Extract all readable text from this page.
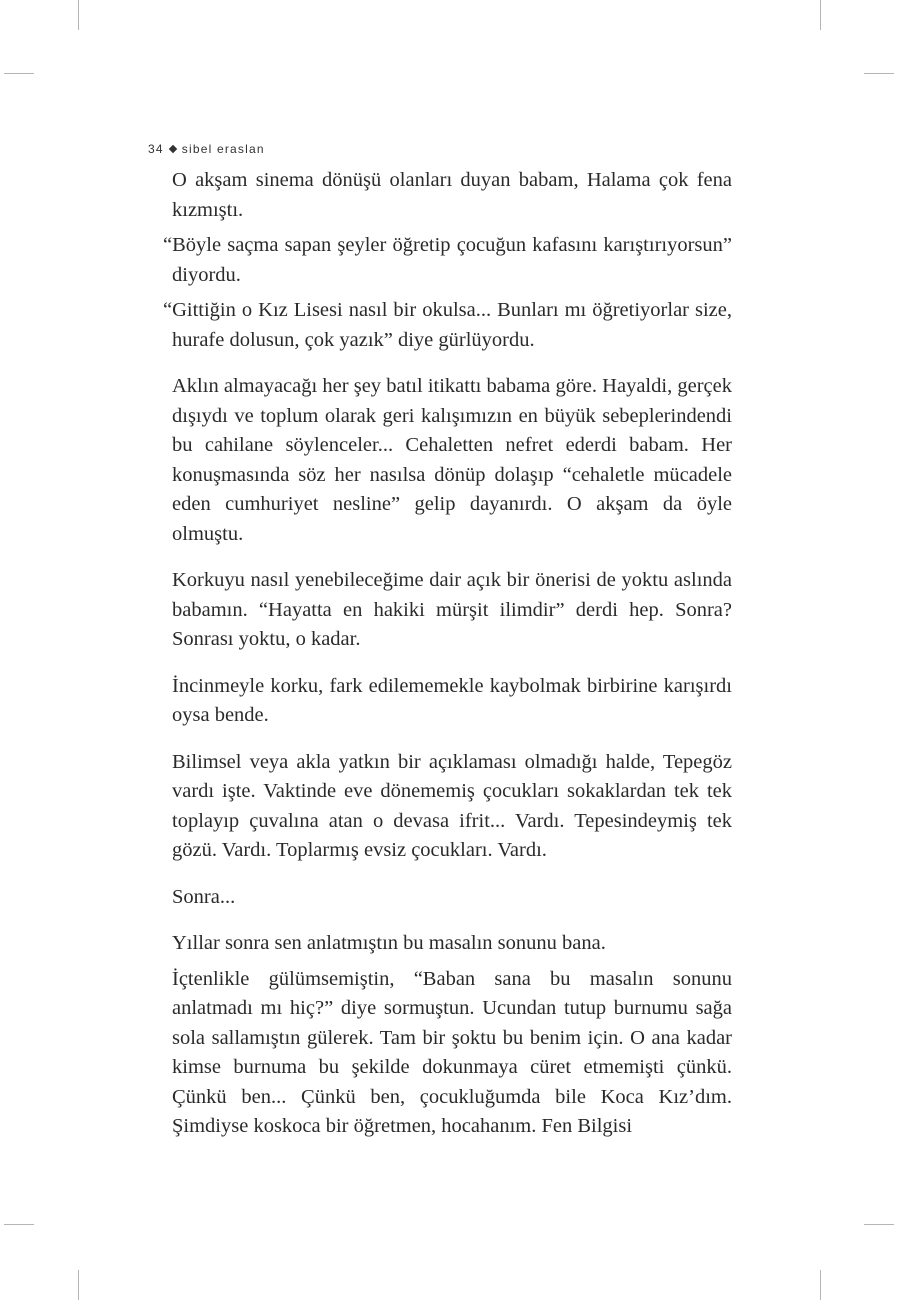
34 sibel eraslan

O akşam sinema dönüşü olanları duyan babam, Halama çok fena kızmıştı.

“Böyle saçma sapan şeyler öğretip çocuğun kafasını karıştırıyorsun” diyordu.

“Gittiğin o Kız Lisesi nasıl bir okulsa... Bunları mı öğretiyorlar size, hurafe dolusun, çok yazık” diye gürlüyordu.

Aklın almayacağı her şey batıl itikattı babama göre. Hayaldi, gerçek dışıydı ve toplum olarak geri kalışımızın en büyük sebeplerindendi bu cahilane söylenceler... Cehaletten nefret ederdi babam. Her konuşmasında söz her nasılsa dönüp dolaşıp “cehaletle mücadele eden cumhuriyet nesline” gelip dayanırdı. O akşam da öyle olmuştu.

Korkuyu nasıl yenebileceğime dair açık bir önerisi de yoktu aslında babamın. “Hayatta en hakiki mürşit ilimdir” derdi hep. Sonra? Sonrası yoktu, o kadar.

İncinmeyle korku, fark edilememekle kaybolmak birbirine karışırdı oysa bende.

Bilimsel veya akla yatkın bir açıklaması olmadığı halde, Tepegöz vardı işte. Vaktinde eve dönememiş çocukları sokaklardan tek tek toplayıp çuvalına atan o devasa ifrit... Vardı. Tepesindeymiş tek gözü. Vardı. Toplarmış evsiz çocukları. Vardı.

Sonra...

Yıllar sonra sen anlatmıştın bu masalın sonunu bana.

İçtenlikle gülümsemiştin, “Baban sana bu masalın sonunu anlatmadı mı hiç?” diye sormuştun. Ucundan tutup burnumu sağa sola sallamıştın gülerek. Tam bir şoktu bu benim için. O ana kadar kimse burnuma bu şekilde dokunmaya cüret etmemişti çünkü. Çünkü ben... Çünkü ben, çocukluğumda bile Koca Kız’dım. Şimdiyse koskoca bir öğretmen, hocahanım. Fen Bilgisi
